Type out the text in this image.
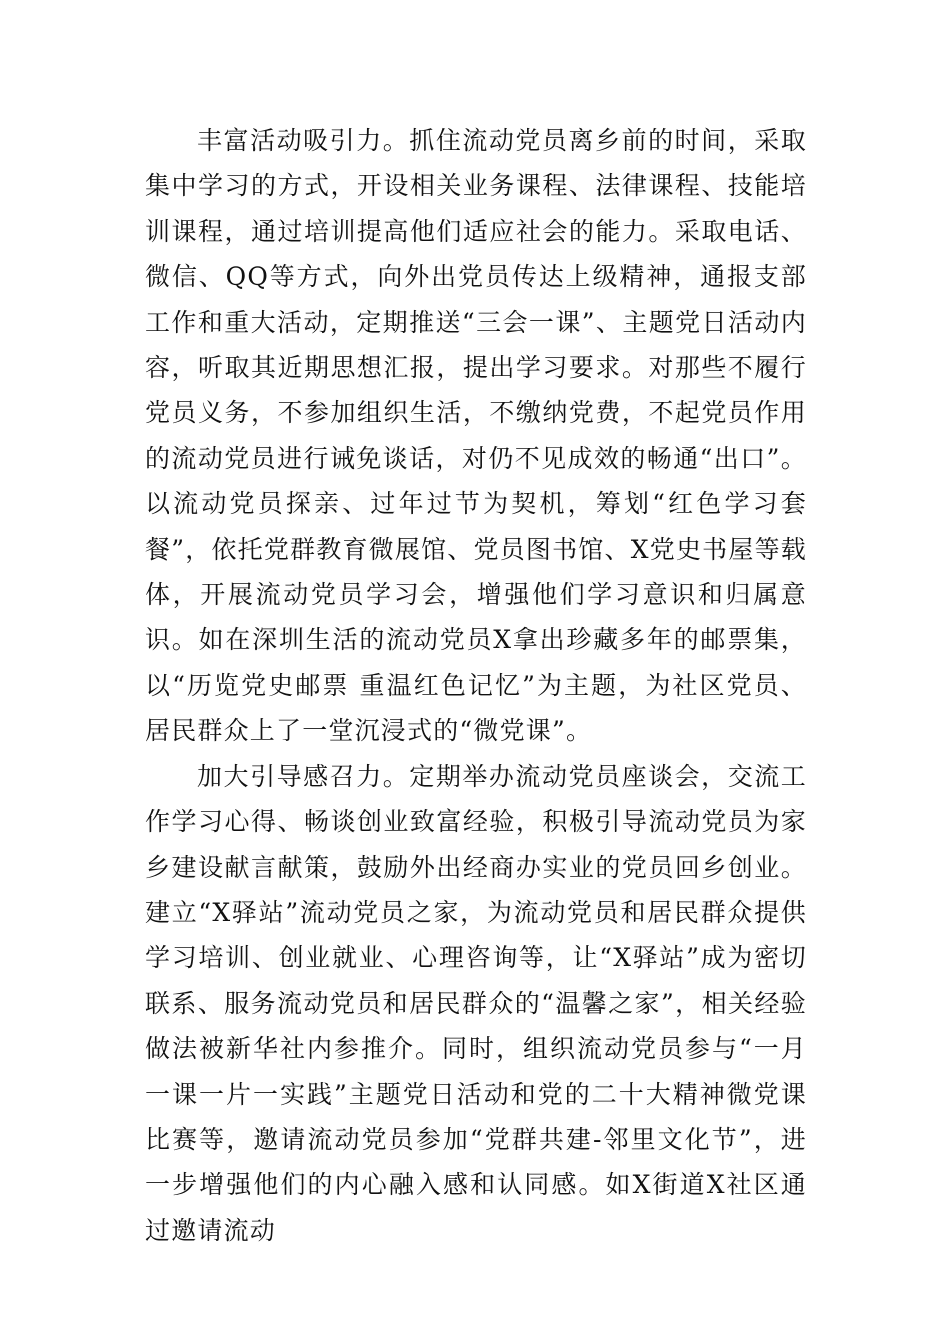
丰富活动吸引力。抓住流动党员离乡前的时间，采取集中学习的方式，开设相关业务课程、法律课程、技能培训课程，通过培训提高他们适应社会的能力。采取电话、微信、QQ等方式，向外出党员传达上级精神，通报支部工作和重大活动，定期推送“三会一课”、主题党日活动内容，听取其近期思想汇报，提出学习要求。对那些不履行党员义务，不参加组织生活，不缴纳党费，不起党员作用的流动党员进行诫免谈话，对仍不见成效的畅通“出口”。以流动党员探亲、过年过节为契机，筹划“红色学习套餐”，依托党群教育微展馆、党员图书馆、X党史书屋等载体，开展流动党员学习会，增强他们学习意识和归属意识。如在深圳生活的流动党员X拿出珍藏多年的邮票集，以“历览党史邮票 重温红色记忆”为主题，为社区党员、居民群众上了一堂沉浸式的“微党课”。

加大引导感召力。定期举办流动党员座谈会，交流工作学习心得、畅谈创业致富经验，积极引导流动党员为家乡建设献言献策，鼓励外出经商办实业的党员回乡创业。建立“X驿站”流动党员之家，为流动党员和居民群众提供学习培训、创业就业、心理咨询等，让“X驿站”成为密切联系、服务流动党员和居民群众的“温馨之家”，相关经验做法被新华社内参推介。同时，组织流动党员参与“一月一课一片一实践”主题党日活动和党的二十大精神微党课比赛等，邀请流动党员参加“党群共建-邻里文化节”，进一步增强他们的内心融入感和认同感。如X街道X社区通过邀请流动
